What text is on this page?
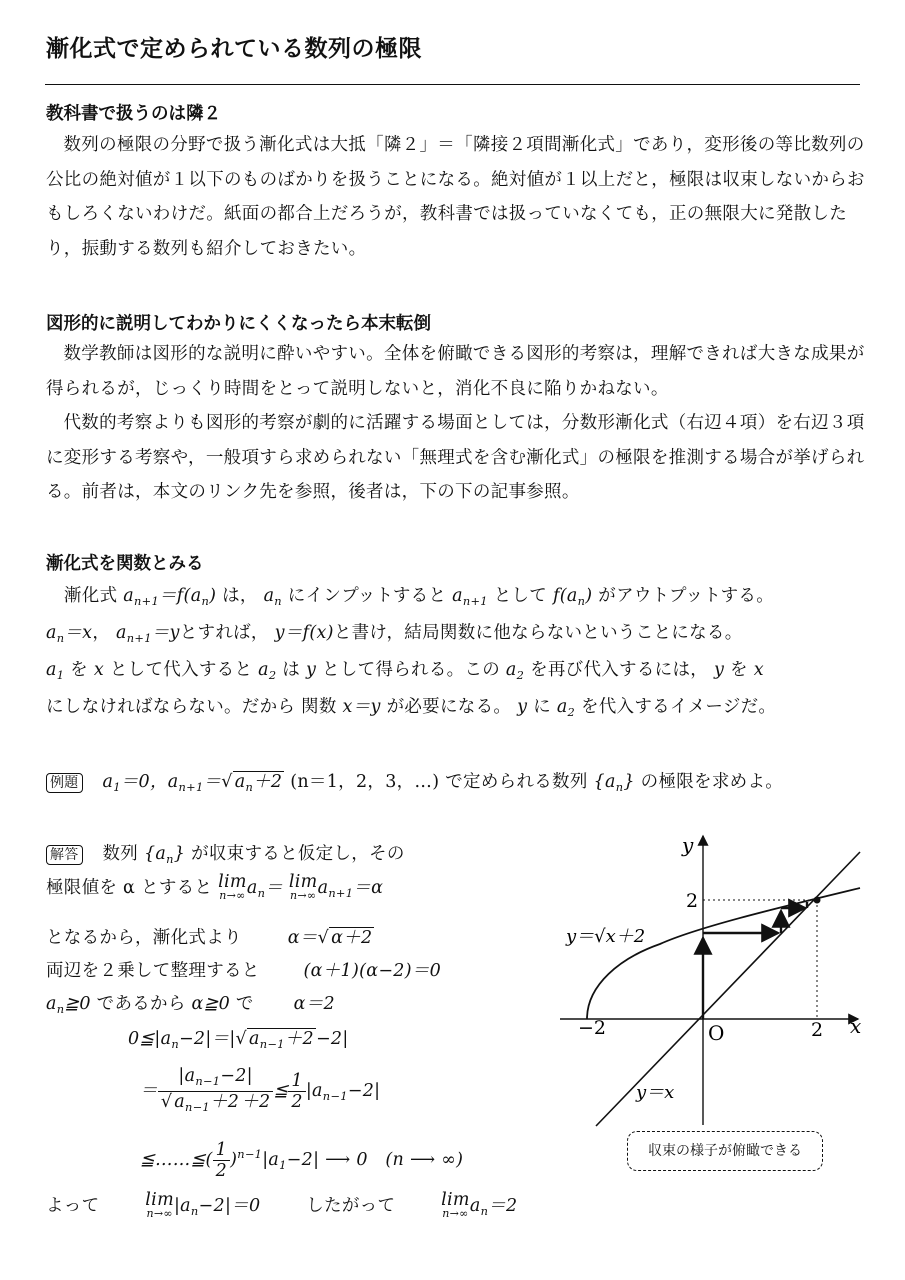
漸化式で定められている数列の極限
教科書で扱うのは隣２

数列の極限の分野で扱う漸化式は大抵「隣２」＝「隣接２項間漸化式」であり，変形後の等比数列の公比の絶対値が１以下のものばかりを扱うことになる。絶対値が１以上だと，極限は収束しないからおもしろくないわけだ。紙面の都合上だろうが，教科書では扱っていなくても，正の無限大に発散したり，振動する数列も紹介しておきたい。

図形的に説明してわかりにくくなったら本末転倒

数学教師は図形的な説明に酔いやすい。全体を俯瞰できる図形的考察は，理解できれば大きな成果が得られるが，じっくり時間をとって説明しないと，消化不良に陥りかねない。

代数的考察よりも図形的考察が劇的に活躍する場面としては，分数形漸化式（右辺４項）を右辺３項に変形する考察や，一般項すら求められない「無理式を含む漸化式」の極限を推測する場合が挙げられる。前者は，本文のリンク先を参照，後者は，下の下の記事参照。

漸化式を関数とみる
漸化式 $a_{n+1}=f(a_n)$ は， $a_n$ にインプットすると $a_{n+1}$ として $f(a_n)$ がアウトプットする。
$a_n=x$， $a_{n+1}=y$とすれば， y＝f(x)と書け，結局関数に他ならないということになる。
$a_1$ を x として代入すると $a_2$ は y として得られる。この $a_2$ を再び代入するには， y を x
にしなければならない。だから 関数 x＝y が必要になる。 y に $a_2$ を代入するイメージだ。
例題 $a_1=0$，$a_{n+1}=√$ $a_n+2$ (n＝1，2，3，…) で定められる数列 $\{a_n\}$ の極限を求めよ。
解答 数列 $\{a_n\}$ が収束すると仮定し，その
極限値を α とすると lim
n→∞ $a_n= \lim$
n→∞ $a_{n+1}=\alpha$
となるから，漸化式より	α＝√ α＋2
両辺を２乗して整理すると	(α＋1)(α−2)＝0
$a_n≧0$ であるから α≧0 で α＝2
$0≦|a_n-2|=|√$ $a_{n-1}+2 -2|$
＝ $\frac{|a_{n-1}-2|}{√ a_{n-1}+2 +2}$ ≦ $\frac{1}{2} |a_{n-1}-2|$
≦……≦( $\frac{1}{2} )^{n-1}|a_1-2|$ ⟶ 0   (n ⟶ ∞)
よって	lim
n→∞ $|a_n-2|=0$	したがって	lim
n→∞ $a_n=2$
y
x
O
−2	2
2
y＝√x＋2
y＝x
収束の様子が俯瞰できる
